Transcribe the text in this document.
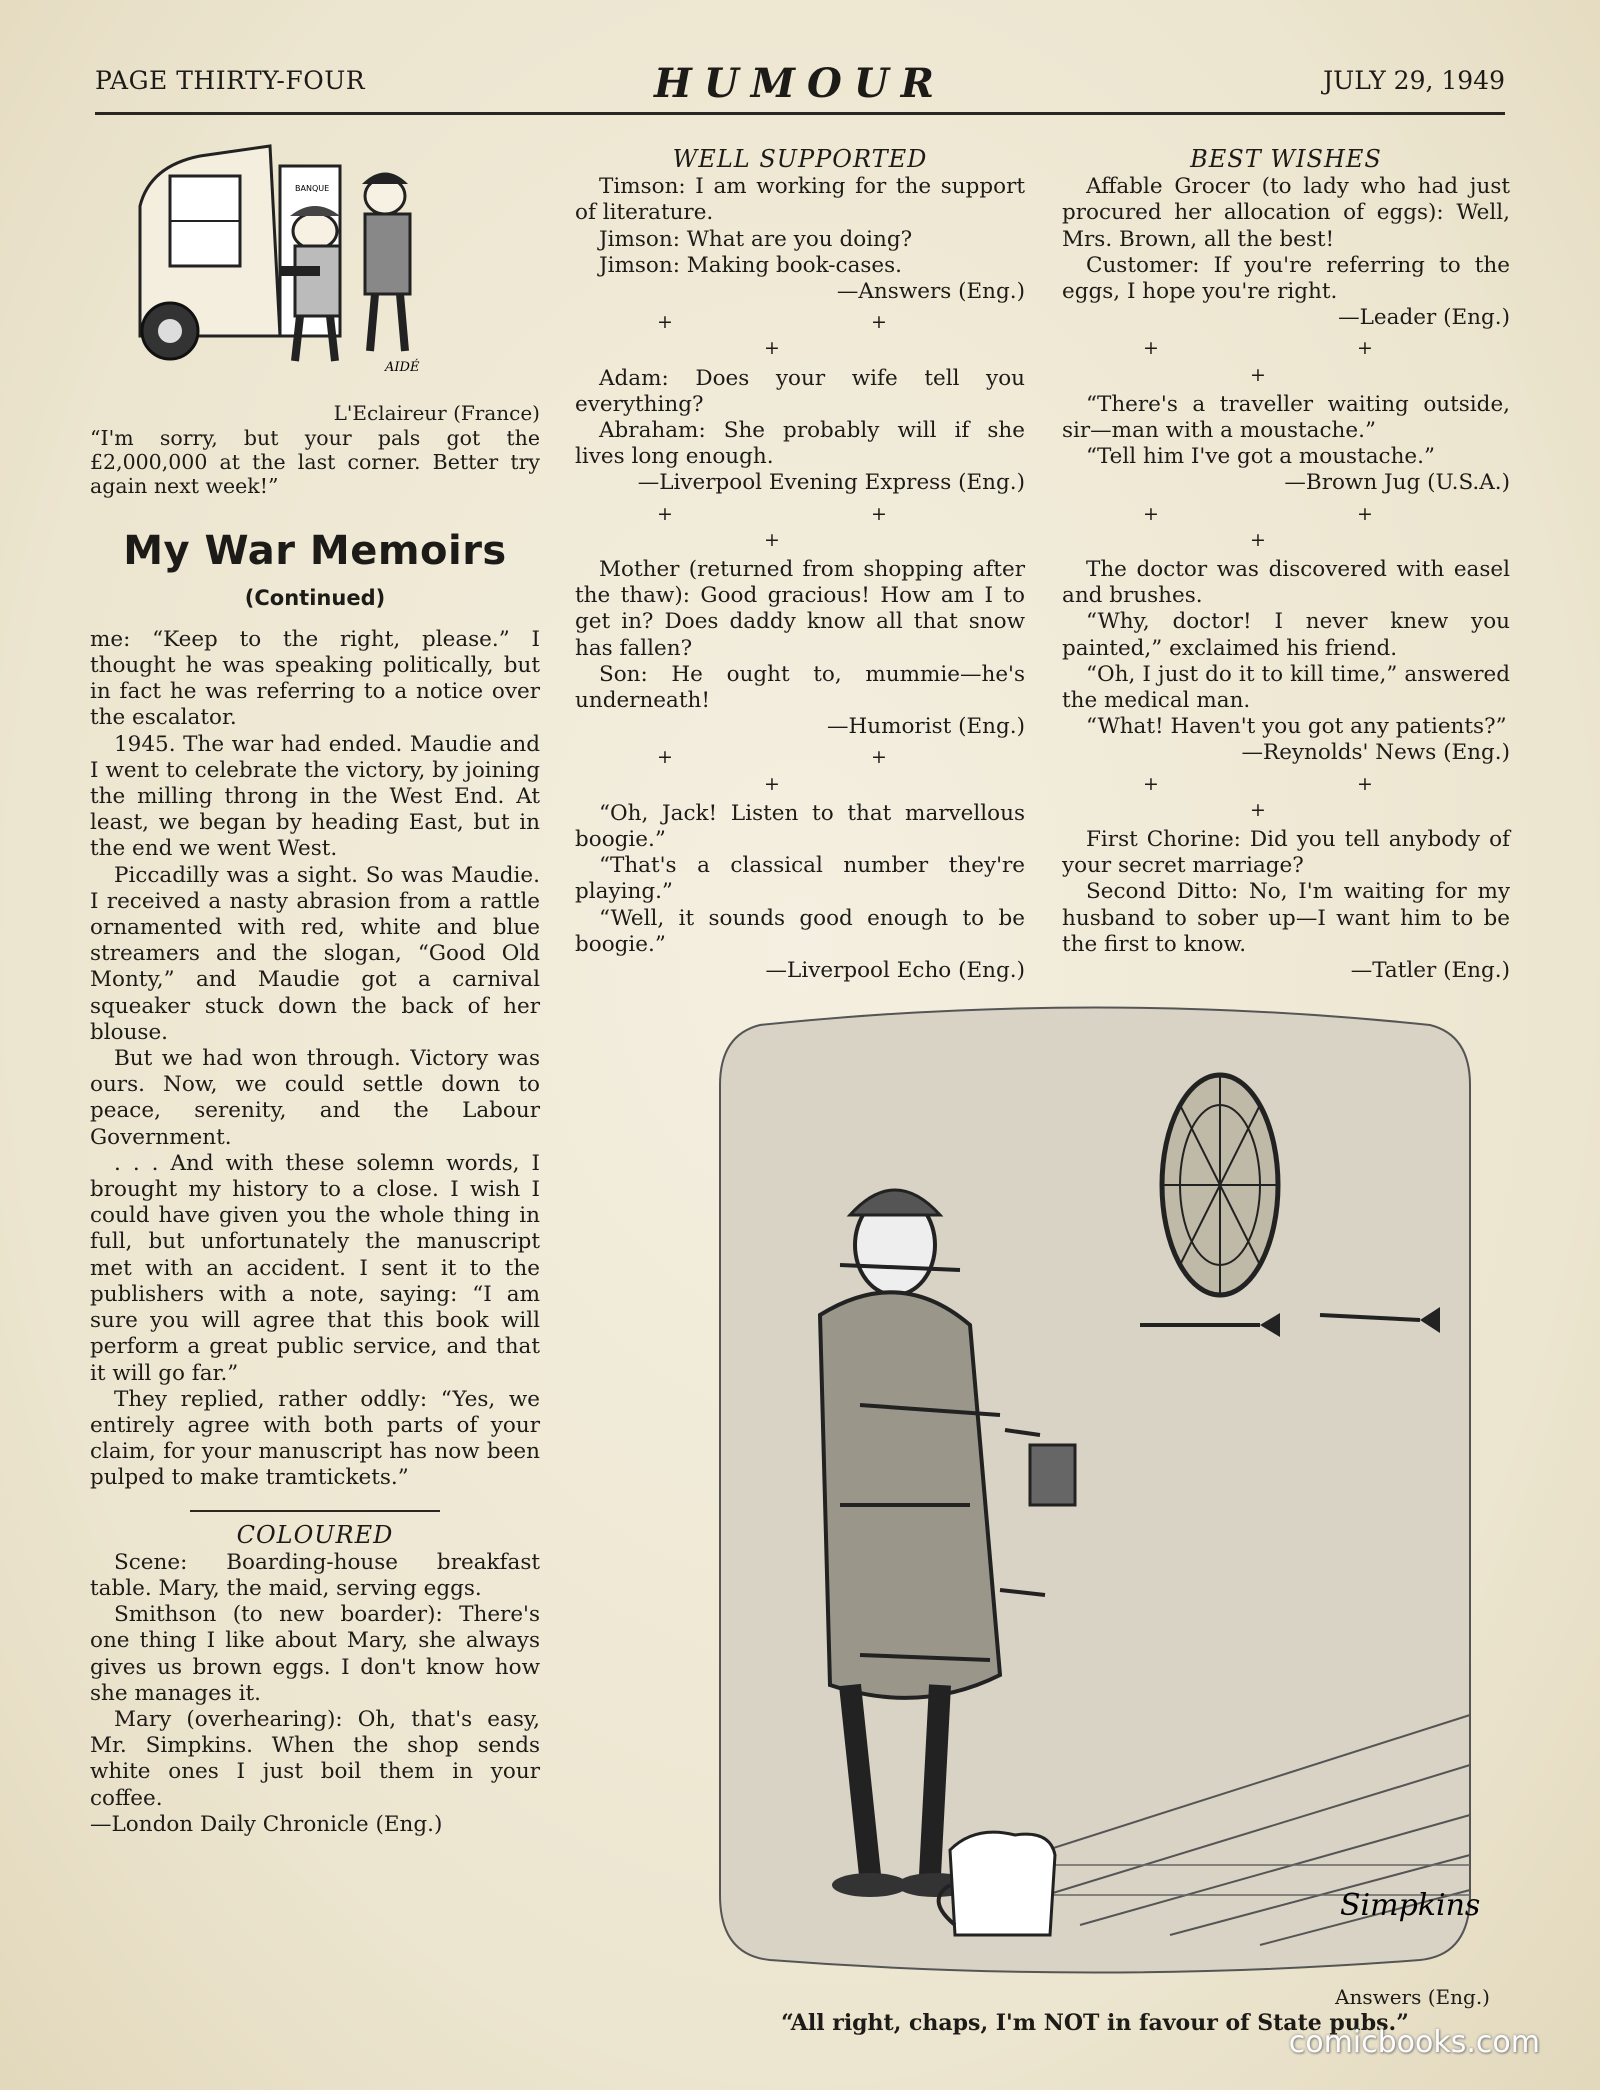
PAGE THIRTY-FOUR	HUMOUR	JULY 29, 1949
BANQUE
AIDÉ
L'Eclaireur (France)
“I'm sorry, but your pals got the £2,000,000 at the last corner. Better try again next week!”
My War Memoirs
(Continued)

me: “Keep to the right, please.” I thought he was speaking politically, but in fact he was referring to a notice over the escalator.

1945. The war had ended. Maudie and I went to celebrate the victory, by joining the milling throng in the West End. At least, we began by heading East, but in the end we went West.

Piccadilly was a sight. So was Maudie. I received a nasty abrasion from a rattle ornamented with red, white and blue streamers and the slogan, “Good Old Monty,” and Maudie got a carnival squeaker stuck down the back of her blouse.

But we had won through. Victory was ours. Now, we could settle down to peace, serenity, and the Labour Government.

. . . And with these solemn words, I brought my history to a close. I wish I could have given you the whole thing in full, but unfortunately the manuscript met with an accident. I sent it to the publishers with a note, saying: “I am sure you will agree that this book will perform a great public service, and that it will go far.”

They replied, rather oddly: “Yes, we entirely agree with both parts of your claim, for your manuscript has now been pulped to make tramtickets.”

COLOURED

Scene: Boarding-house breakfast table. Mary, the maid, serving eggs.

Smithson (to new boarder): There's one thing I like about Mary, she always gives us brown eggs. I don't know how she manages it.

Mary (overhearing): Oh, that's easy, Mr. Simpkins. When the shop sends white ones I just boil them in your coffee.

—London Daily Chronicle (Eng.)

WELL SUPPORTED

Timson: I am working for the support of literature.

Jimson: What are you doing?

Jimson: Making book-cases.

—Answers (Eng.)
+ + +

Adam: Does your wife tell you everything?

Abraham: She probably will if she lives long enough.

—Liverpool Evening Express (Eng.)
+ + +

Mother (returned from shopping after the thaw): Good gracious! How am I to get in? Does daddy know all that snow has fallen?

Son: He ought to, mummie—he's underneath!

—Humorist (Eng.)
+ + +

“Oh, Jack! Listen to that marvellous boogie.”

“That's a classical number they're playing.”

“Well, it sounds good enough to be boogie.”

—Liverpool Echo (Eng.)
BEST WISHES

Affable Grocer (to lady who had just procured her allocation of eggs): Well, Mrs. Brown, all the best!

Customer: If you're referring to the eggs, I hope you're right.

—Leader (Eng.)
+ + +

“There's a traveller waiting outside, sir—man with a moustache.”

“Tell him I've got a moustache.”

—Brown Jug (U.S.A.)
+ + +

The doctor was discovered with easel and brushes.

“Why, doctor! I never knew you painted,” exclaimed his friend.

“Oh, I just do it to kill time,” answered the medical man.

“What! Haven't you got any patients?”

—Reynolds' News (Eng.)
+ + +

First Chorine: Did you tell anybody of your secret marriage?

Second Ditto: No, I'm waiting for my husband to sober up—I want him to be the first to know.

—Tatler (Eng.)
Simpkins
Answers (Eng.)
“All right, chaps, I'm NOT in favour of State pubs.”
comicbooks.com
